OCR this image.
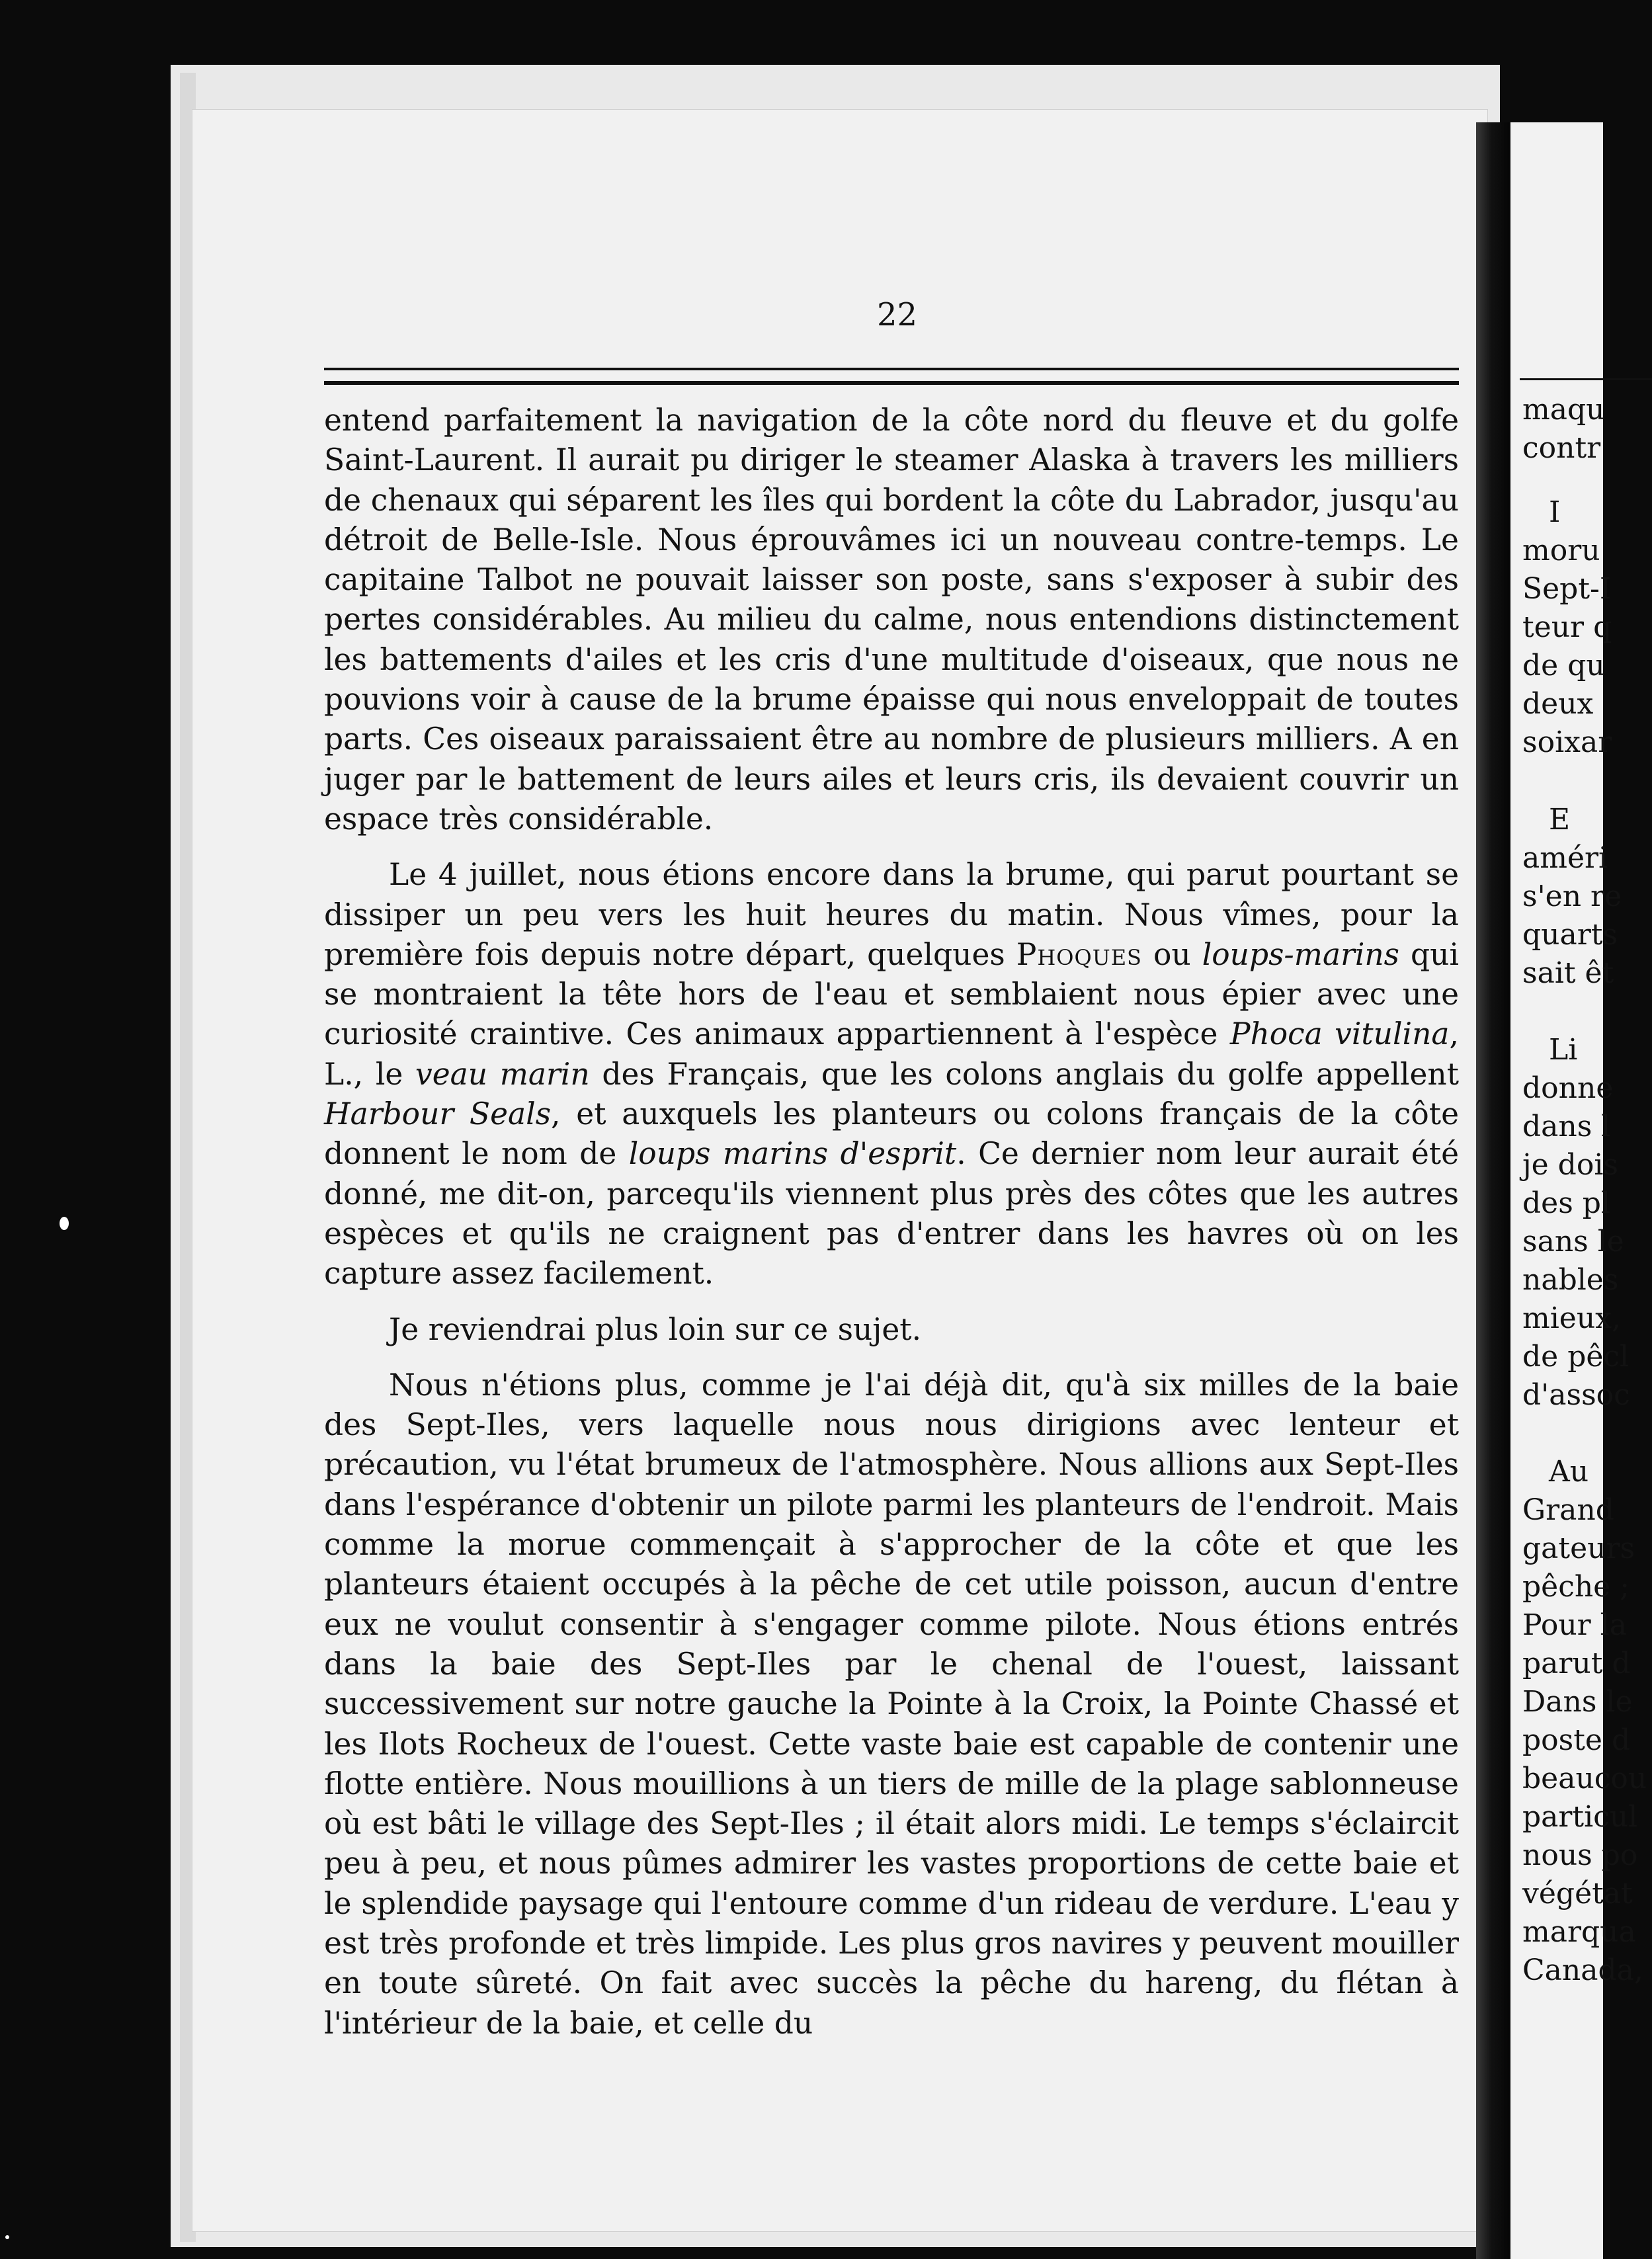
22

entend parfaitement la navigation de la côte nord du fleuve et du golfe Saint-Laurent. Il aurait pu diriger le steamer Alaska à travers les milliers de chenaux qui séparent les îles qui bordent la côte du Labrador, jusqu'au détroit de Belle-Isle. Nous éprouvâmes ici un nouveau contre-temps. Le capitaine Talbot ne pouvait laisser son poste, sans s'exposer à subir des pertes considérables. Au milieu du calme, nous entendions distinctement les battements d'ailes et les cris d'une multitude d'oiseaux, que nous ne pouvions voir à cause de la brume épaisse qui nous enveloppait de toutes parts. Ces oiseaux paraissaient être au nombre de plusieurs milliers. A en juger par le battement de leurs ailes et leurs cris, ils devaient couvrir un espace très considérable.

Le 4 juillet, nous étions encore dans la brume, qui parut pourtant se dissiper un peu vers les huit heures du matin. Nous vîmes, pour la première fois depuis notre départ, quelques Phoques ou loups-marins qui se montraient la tête hors de l'eau et semblaient nous épier avec une curiosité craintive. Ces animaux appartiennent à l'espèce Phoca vitulina, L., le veau marin des Français, que les colons anglais du golfe appellent Harbour Seals, et auxquels les planteurs ou colons français de la côte donnent le nom de loups marins d'esprit. Ce dernier nom leur aurait été donné, me dit-on, parcequ'ils viennent plus près des côtes que les autres espèces et qu'ils ne craignent pas d'entrer dans les havres où on les capture assez facilement.

Je reviendrai plus loin sur ce sujet.

Nous n'étions plus, comme je l'ai déjà dit, qu'à six milles de la baie des Sept-Iles, vers laquelle nous nous dirigions avec lenteur et précaution, vu l'état brumeux de l'atmosphère. Nous allions aux Sept-Iles dans l'espérance d'obtenir un pilote parmi les planteurs de l'endroit. Mais comme la morue commençait à s'approcher de la côte et que les planteurs étaient occupés à la pêche de cet utile poisson, aucun d'entre eux ne voulut consentir à s'engager comme pilote. Nous étions entrés dans la baie des Sept-Iles par le chenal de l'ouest, laissant successivement sur notre gauche la Pointe à la Croix, la Pointe Chassé et les Ilots Rocheux de l'ouest. Cette vaste baie est capable de contenir une flotte entière. Nous mouillions à un tiers de mille de la plage sablonneuse où est bâti le village des Sept-Iles ; il était alors midi. Le temps s'éclaircit peu à peu, et nous pûmes admirer les vastes proportions de cette baie et le splendide paysage qui l'entoure comme d'un rideau de verdure. L'eau y est très profonde et très limpide. Les plus gros navires y peuvent mouiller en toute sûreté. On fait avec succès la pêche du hareng, du flétan à l'intérieur de la baie, et celle du

maqu
contr
I
moru
Sept-I
teur q
de qu
deux
soixar
E
améri
s'en re
quarts
sait êt
Li
donne
dans l
je dois
des pl
sans le
nables
mieux,
de pêcl
d'assoc
Au
Grand
gateurs
pêche ;
Pour la
parut d
Dans le
poste d
beaucou
particul
nous po
végétat
marqua
Canada,
